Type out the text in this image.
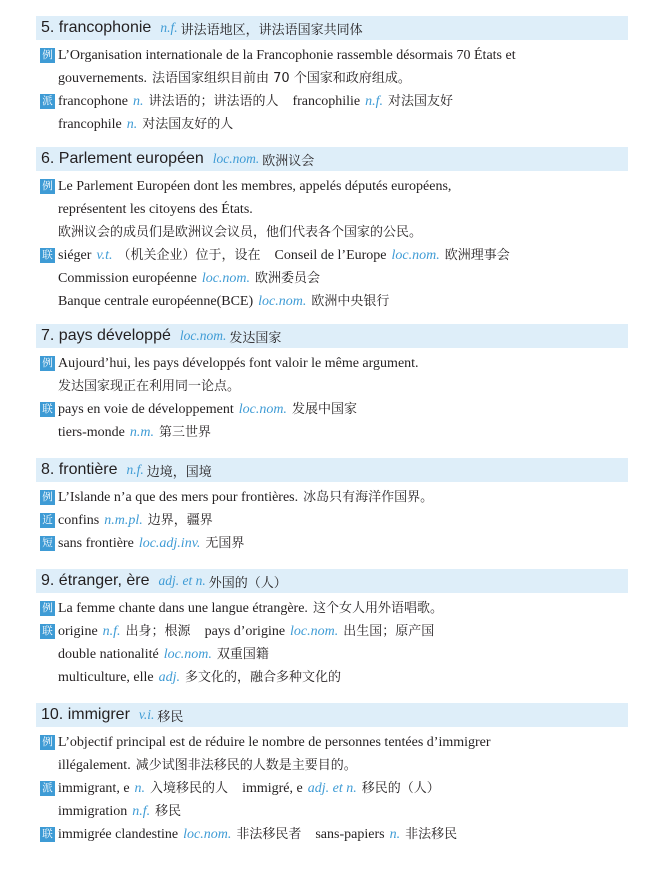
5. francophonie n.f. 讲法语地区，讲法语国家共同体
例 L’Organisation internationale de la Francophonie rassemble désormais 70 États et
gouvernements. 法语国家组织目前由 70 个国家和政府组成。
派 francophone n. 讲法语的；讲法语的人 francophilie n.f. 对法国友好
francophile n. 对法国友好的人
6. Parlement européen loc.nom. 欧洲议会
例 Le Parlement Européen dont les membres, appelés députés européens,
représentent les citoyens des États.
欧洲议会的成员们是欧洲议会议员，他们代表各个国家的公民。
联 siéger v.t. （机关企业）位于，设在 Conseil de l’Europe loc.nom. 欧洲理事会
Commission européenne loc.nom. 欧洲委员会
Banque centrale européenne(BCE) loc.nom. 欧洲中央银行
7. pays développé loc.nom. 发达国家
例 Aujourd’hui, les pays développés font valoir le même argument.
发达国家现正在利用同一论点。
联 pays en voie de développement loc.nom. 发展中国家
tiers-monde n.m. 第三世界
8. frontière n.f. 边境，国境
例 L’Islande n’a que des mers pour frontières. 冰岛只有海洋作国界。
近 confins n.m.pl. 边界，疆界
短 sans frontière loc.adj.inv. 无国界
9. étranger, ère adj. et n. 外国的（人）
例 La femme chante dans une langue étrangère. 这个女人用外语唱歌。
联 origine n.f. 出身；根源 pays d’origine loc.nom. 出生国；原产国
double nationalité loc.nom. 双重国籍
multiculture, elle adj. 多文化的，融合多种文化的
10. immigrer v.i. 移民
例 L’objectif principal est de réduire le nombre de personnes tentées d’immigrer
illégalement. 减少试图非法移民的人数是主要目的。
派 immigrant, e n. 入境移民的人 immigré, e adj. et n. 移民的（人）
immigration n.f. 移民
联 immigrée clandestine loc.nom. 非法移民者 sans-papiers n. 非法移民
